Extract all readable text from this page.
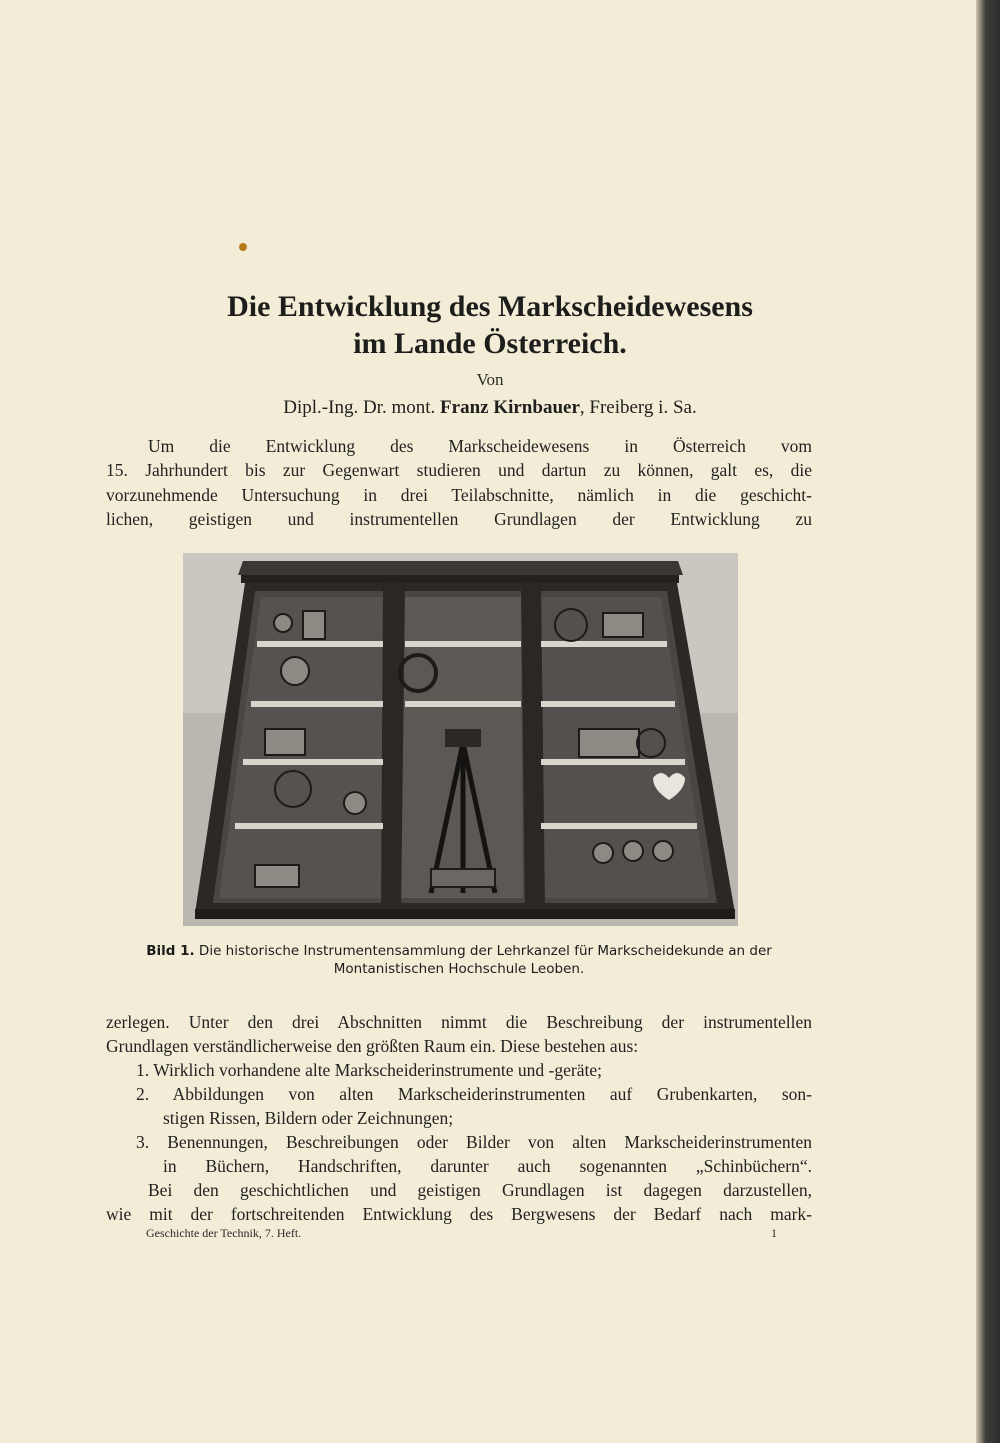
Die Entwicklung des Markscheidewesens
im Lande Österreich.
Von
Dipl.-Ing. Dr. mont. Franz Kirnbauer, Freiberg i. Sa.
Um die Entwicklung des Markscheidewesens in Österreich vom
15. Jahrhundert bis zur Gegenwart studieren und dartun zu können, galt es, die
vorzunehmende Untersuchung in drei Teilabschnitte, nämlich in die geschicht-
lichen, geistigen und instrumentellen Grundlagen der Entwicklung zu
Bild 1. Die historische Instrumentensammlung der Lehrkanzel für Markscheidekunde an der
Montanistischen Hochschule Leoben.
zerlegen. Unter den drei Abschnitten nimmt die Beschreibung der instrumentellen
Grundlagen verständlicherweise den größten Raum ein. Diese bestehen aus:
1. Wirklich vorhandene alte Markscheiderinstrumente und -geräte;
2. Abbildungen von alten Markscheiderinstrumenten auf Grubenkarten, son-
stigen Rissen, Bildern oder Zeichnungen;
3. Benennungen, Beschreibungen oder Bilder von alten Markscheiderinstrumenten
in Büchern, Handschriften, darunter auch sogenannten „Schinbüchern“.
Bei den geschichtlichen und geistigen Grundlagen ist dagegen darzustellen,
wie mit der fortschreitenden Entwicklung des Bergwesens der Bedarf nach mark-
Geschichte der Technik, 7. Heft.	1
